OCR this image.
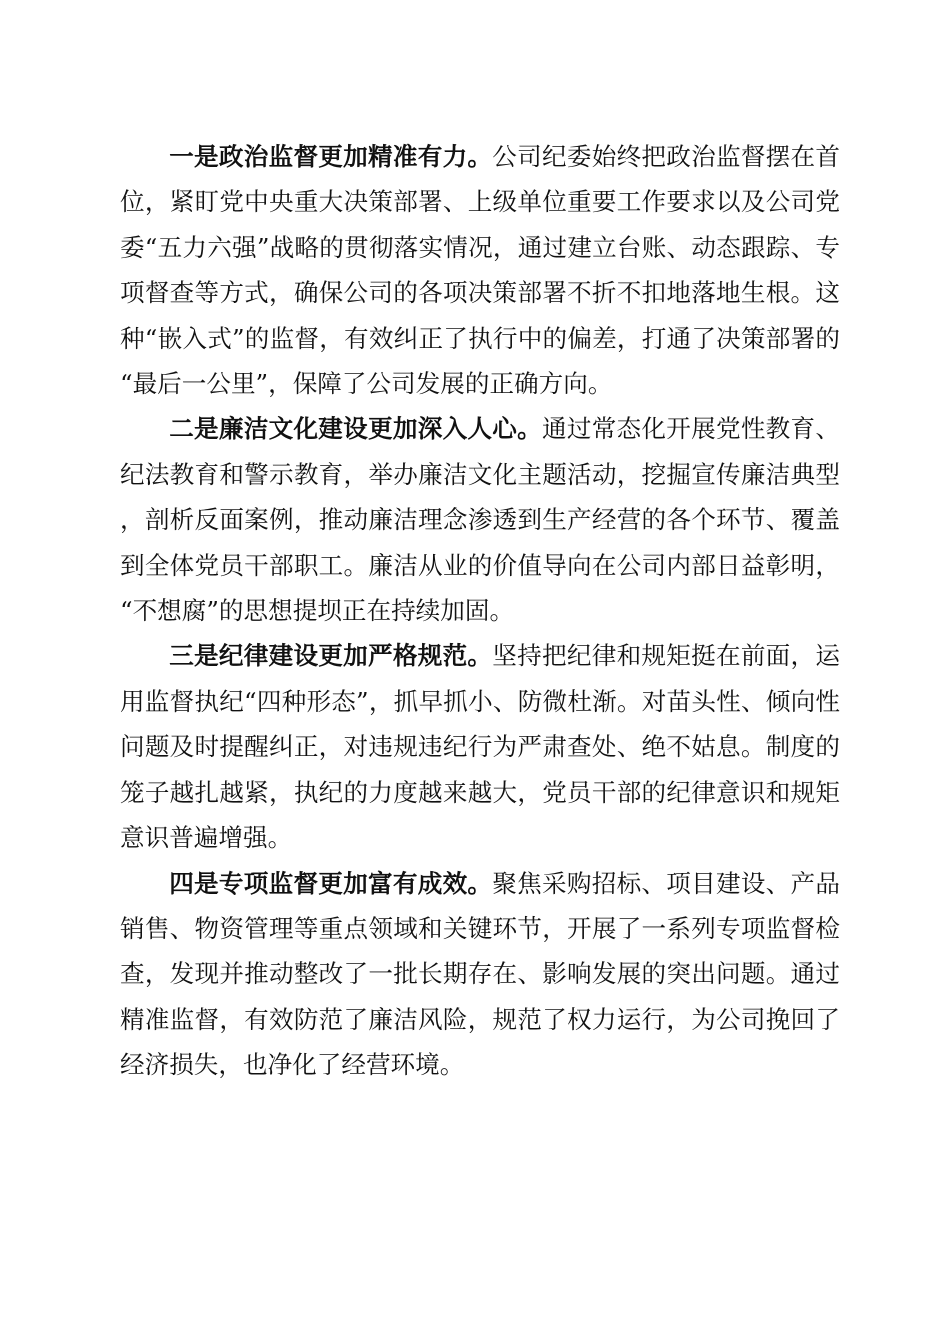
一是政治监督更加精准有力。公司纪委始终把政治监督摆在首位，紧盯党中央重大决策部署、上级单位重要工作要求以及公司党委“五力六强”战略的贯彻落实情况，通过建立台账、动态跟踪、专项督查等方式，确保公司的各项决策部署不折不扣地落地生根。这种“嵌入式”的监督，有效纠正了执行中的偏差，打通了决策部署的“最后一公里”，保障了公司发展的正确方向。

二是廉洁文化建设更加深入人心。通过常态化开展党性教育、纪法教育和警示教育，举办廉洁文化主题活动，挖掘宣传廉洁典型，剖析反面案例，推动廉洁理念渗透到生产经营的各个环节、覆盖到全体党员干部职工。廉洁从业的价值导向在公司内部日益彰明，“不想腐”的思想提坝正在持续加固。

三是纪律建设更加严格规范。坚持把纪律和规矩挺在前面，运用监督执纪“四种形态”，抓早抓小、防微杜渐。对苗头性、倾向性问题及时提醒纠正，对违规违纪行为严肃查处、绝不姑息。制度的笼子越扎越紧，执纪的力度越来越大，党员干部的纪律意识和规矩意识普遍增强。

四是专项监督更加富有成效。聚焦采购招标、项目建设、产品销售、物资管理等重点领域和关键环节，开展了一系列专项监督检查，发现并推动整改了一批长期存在、影响发展的突出问题。通过精准监督，有效防范了廉洁风险，规范了权力运行，为公司挽回了经济损失，也净化了经营环境。
